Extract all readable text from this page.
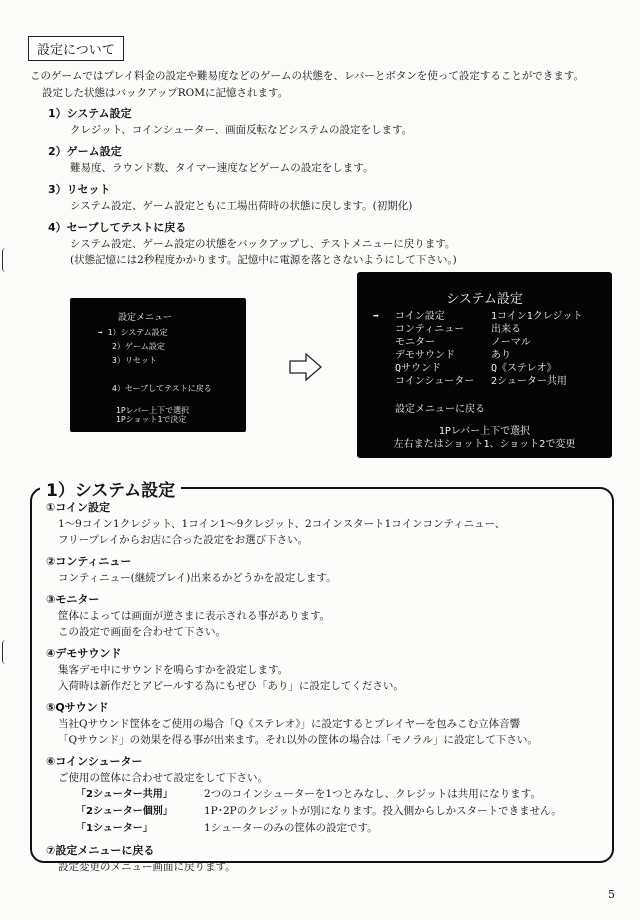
設定について
このゲームではプレイ料金の設定や難易度などのゲームの状態を、レバーとボタンを使って設定することができます。
設定した状態はバックアップROMに記憶されます。
1）システム設定
クレジット、コインシューター、画面反転などシステムの設定をします。
2）ゲーム設定
難易度、ラウンド数、タイマー速度などゲームの設定をします。
3）リセット
システム設定、ゲーム設定ともに工場出荷時の状態に戻します。(初期化)
4）セーブしてテストに戻る
システム設定、ゲーム設定の状態をバックアップし、テストメニューに戻ります。
(状態記憶には2秒程度かかります。記憶中に電源を落とさないようにして下さい。)
設定メニュー
➡ 1）システム設定
2）ゲーム設定
3）リセット
4）セーブしてテストに戻る
1Pレバー上下で選択
1Pショット1で決定
システム設定
➡ コイン設定	1コイン1クレジット
コンティニュー	出来る
モニター	ノーマル
デモサウンド	あり
Qサウンド	Q《ステレオ》
コインシューター 2シューター共用
設定メニューに戻る
1Pレバー上下で選択
左右またはショット1、ショット2で変更
1）システム設定
①コイン設定
1～9コイン1クレジット、1コイン1～9クレジット、2コインスタート1コインコンティニュー、
フリープレイからお店に合った設定をお選び下さい。
②コンティニュー
コンティニュー(継続プレイ)出来るかどうかを設定します。
③モニター
筐体によっては画面が逆さまに表示される事があります。
この設定で画面を合わせて下さい。
④デモサウンド
集客デモ中にサウンドを鳴らすかを設定します。
入荷時は新作だとアピールする為にもぜひ「あり」に設定してください。
⑤Qサウンド
当社Qサウンド筐体をご使用の場合「Q《ステレオ》」に設定するとプレイヤーを包みこむ立体音響
「Qサウンド」の効果を得る事が出来ます。それ以外の筐体の場合は「モノラル」に設定して下さい。
⑥コインシューター
ご使用の筐体に合わせて設定をして下さい。
「2シューター共用」	2つのコインシューターを1つとみなし、クレジットは共用になります。
「2シューター個別」	1P･2Pのクレジットが別になります。投入側からしかスタートできません。
「1シューター」	1シューターのみの筐体の設定です。
⑦設定メニューに戻る
設定変更のメニュー画面に戻ります。
5
